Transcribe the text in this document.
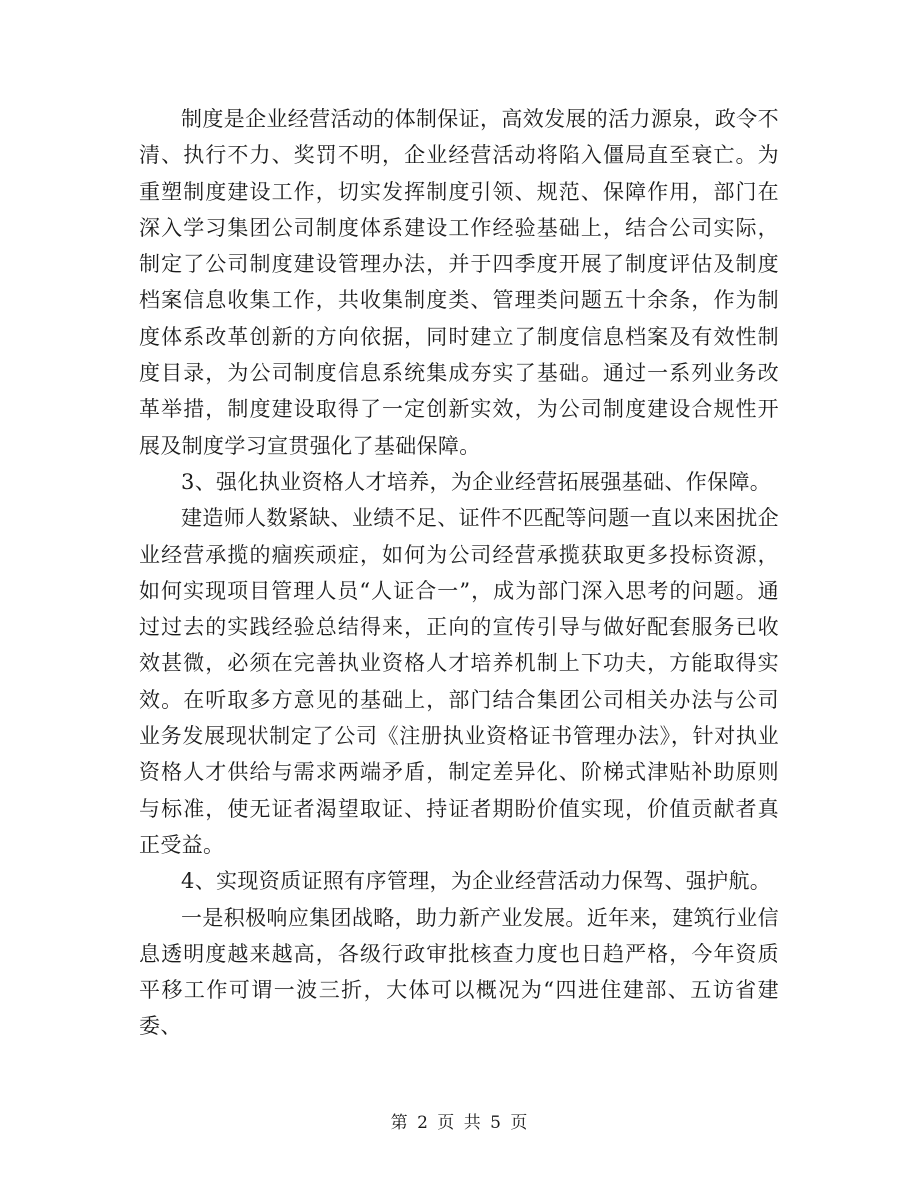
制度是企业经营活动的体制保证，高效发展的活力源泉，政令不清、执行不力、奖罚不明，企业经营活动将陷入僵局直至衰亡。为重塑制度建设工作，切实发挥制度引领、规范、保障作用，部门在深入学习集团公司制度体系建设工作经验基础上，结合公司实际，制定了公司制度建设管理办法，并于四季度开展了制度评估及制度档案信息收集工作，共收集制度类、管理类问题五十余条，作为制度体系改革创新的方向依据，同时建立了制度信息档案及有效性制度目录，为公司制度信息系统集成夯实了基础。通过一系列业务改革举措，制度建设取得了一定创新实效，为公司制度建设合规性开展及制度学习宣贯强化了基础保障。

3、强化执业资格人才培养，为企业经营拓展强基础、作保障。

建造师人数紧缺、业绩不足、证件不匹配等问题一直以来困扰企业经营承揽的痼疾顽症，如何为公司经营承揽获取更多投标资源，如何实现项目管理人员“人证合一”，成为部门深入思考的问题。通过过去的实践经验总结得来，正向的宣传引导与做好配套服务已收效甚微，必须在完善执业资格人才培养机制上下功夫，方能取得实效。在听取多方意见的基础上，部门结合集团公司相关办法与公司业务发展现状制定了公司《注册执业资格证书管理办法》，针对执业资格人才供给与需求两端矛盾，制定差异化、阶梯式津贴补助原则与标准，使无证者渴望取证、持证者期盼价值实现，价值贡献者真正受益。

4、实现资质证照有序管理，为企业经营活动力保驾、强护航。

一是积极响应集团战略，助力新产业发展。近年来，建筑行业信息透明度越来越高，各级行政审批核查力度也日趋严格，今年资质平移工作可谓一波三折，大体可以概况为“四进住建部、五访省建委、

第 2 页 共 5 页
